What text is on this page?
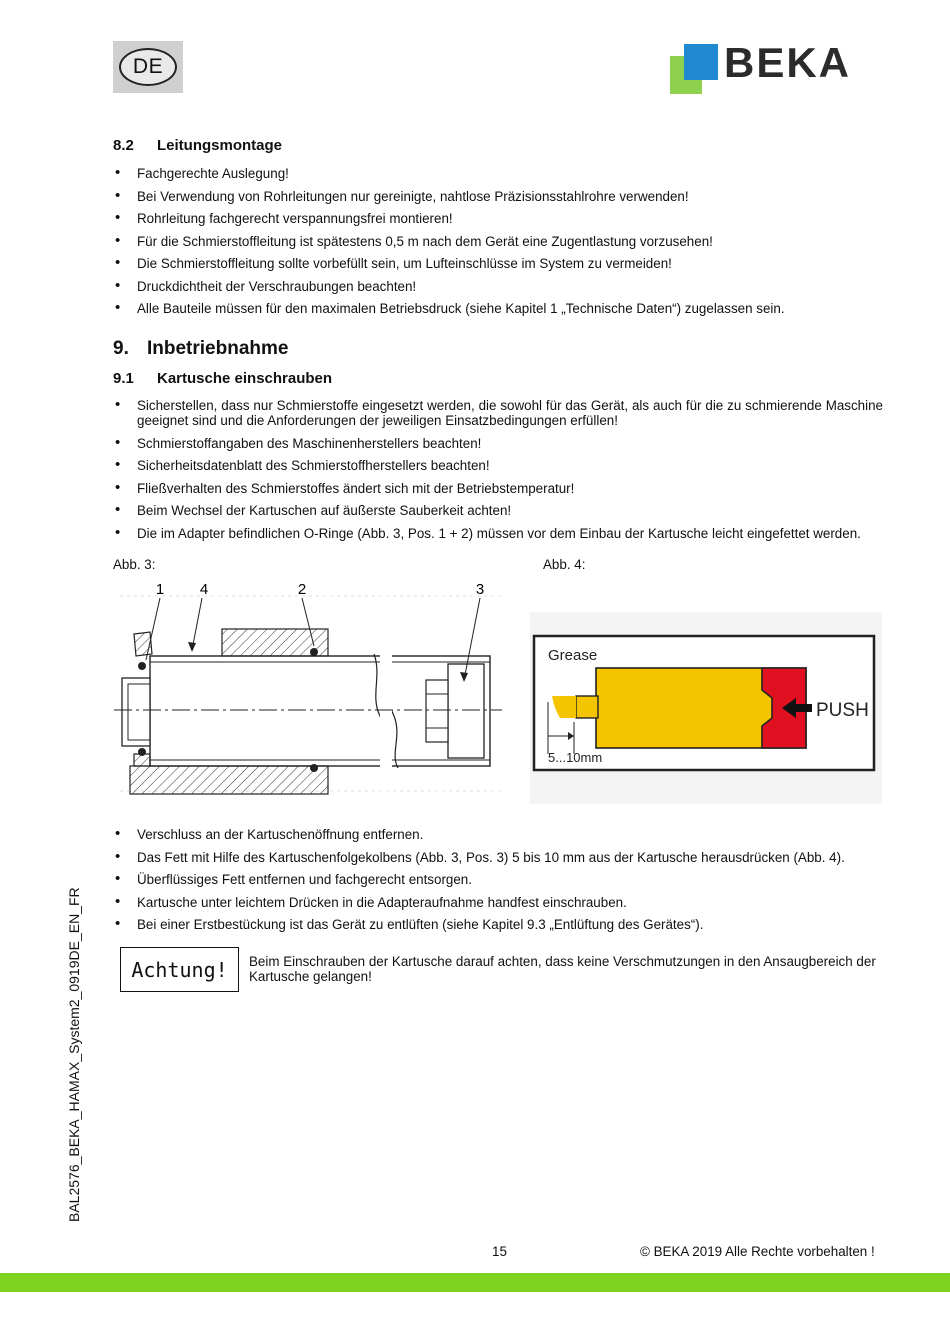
DE	BEKA
8.2 Leitungsmontage
• Fachgerechte Auslegung!
• Bei Verwendung von Rohrleitungen nur gereinigte, nahtlose Präzisionsstahlrohre verwenden!
• Rohrleitung fachgerecht verspannungsfrei montieren!
• Für die Schmierstoffleitung ist spätestens 0,5 m nach dem Gerät eine Zugentlastung vorzusehen!
• Die Schmierstoffleitung sollte vorbefüllt sein, um Lufteinschlüsse im System zu vermeiden!
• Druckdichtheit der Verschraubungen beachten!
• Alle Bauteile müssen für den maximalen Betriebsdruck (siehe Kapitel 1 „Technische Daten“) zugelassen sein.
9. Inbetriebnahme
9.1 Kartusche einschrauben
• Sicherstellen, dass nur Schmierstoffe eingesetzt werden, die sowohl für das Gerät, als auch für die zu schmierende Maschine geeignet sind und die Anforderungen der jeweiligen Einsatzbedingungen erfüllen!
• Schmierstoffangaben des Maschinenherstellers beachten!
• Sicherheitsdatenblatt des Schmierstoffherstellers beachten!
• Fließverhalten des Schmierstoffes ändert sich mit der Betriebstemperatur!
• Beim Wechsel der Kartuschen auf äußerste Sauberkeit achten!
• Die im Adapter befindlichen O-Ringe (Abb. 3, Pos. 1 + 2) müssen vor dem Einbau der Kartusche leicht eingefettet werden.
Abb. 3:	Abb. 4:
1 4	2	3
PUSH
Grease
5...10mm
• Verschluss an der Kartuschenöffnung entfernen.
• Das Fett mit Hilfe des Kartuschenfolgekolbens (Abb. 3, Pos. 3) 5 bis 10 mm aus der Kartusche herausdrücken (Abb. 4).
• Überflüssiges Fett entfernen und fachgerecht entsorgen.
• Kartusche unter leichtem Drücken in die Adapteraufnahme handfest einschrauben.
• Bei einer Erstbestückung ist das Gerät zu entlüften (siehe Kapitel 9.3 „Entlüftung des Gerätes“).
Achtung! Beim Einschrauben der Kartusche darauf achten, dass keine Verschmutzungen in den Ansaugbereich der Kartusche gelangen!
BAL2576_BEKA_HAMAX_System2_0919DE_EN_FR
15	© BEKA 2019 Alle Rechte vorbehalten !
